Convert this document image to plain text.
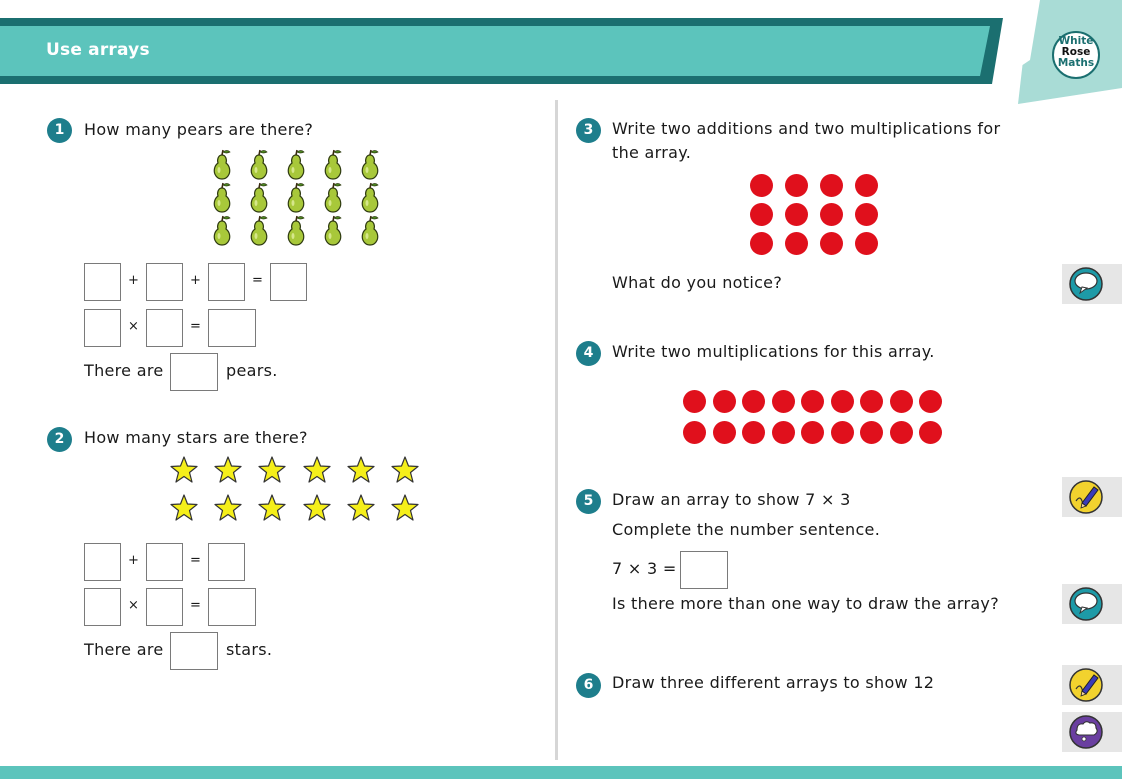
Use arrays	White
Rose
Maths
1	How many pears are there?
+	+	=
×	=
There are	pears.
2	How many stars are there?
+	=
×	=
There are	stars.
3	Write two additions and two multiplications for
the array.
What do you notice?
4	Write two multiplications for this array.
5	Draw an array to show 7 × 3
Complete the number sentence.
7 × 3 =
Is there more than one way to draw the array?
6	Draw three different arrays to show 12
